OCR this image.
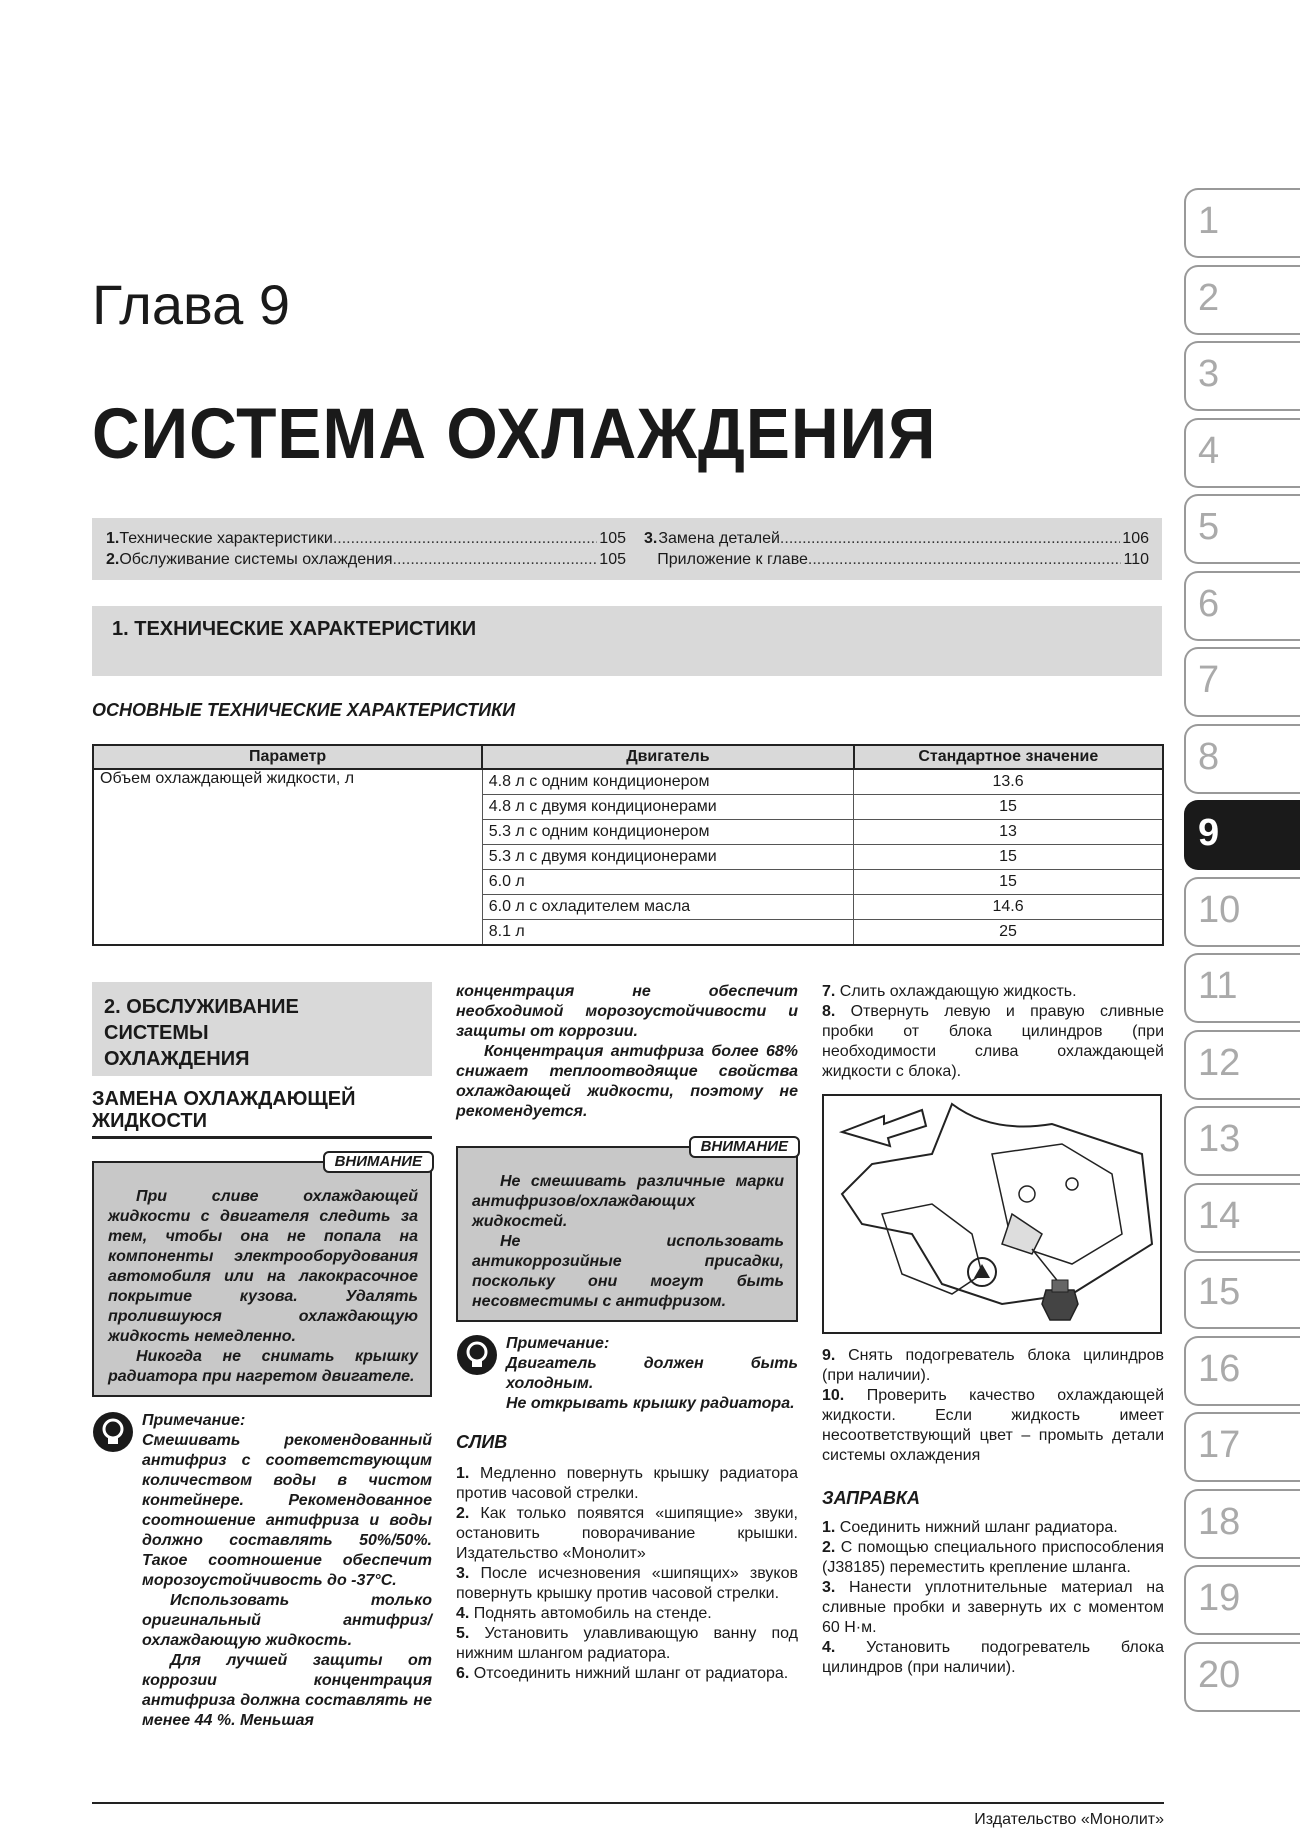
Глава 9
СИСТЕМА ОХЛАЖДЕНИЯ
1. Технические характеристики .....	105
2. Обслуживание системы охлаждения .....	105
3. Замена деталей .....	106
Приложение к главе .....	110
1. ТЕХНИЧЕСКИЕ ХАРАКТЕРИСТИКИ
ОСНОВНЫЕ ТЕХНИЧЕСКИЕ ХАРАКТЕРИСТИКИ
Параметр	Двигатель	Стандартное значение
Объем охлаждающей жидкости, л	4.8 л с одним кондиционером	13.6
	4.8 л с двумя кондиционерами	15
	5.3 л с одним кондиционером	13
	5.3 л с двумя кондиционерами	15
	6.0 л	15
	6.0 л с охладителем масла	14.6
	8.1 л	25
2. ОБСЛУЖИВАНИЕ СИСТЕМЫ ОХЛАЖДЕНИЯ
ЗАМЕНА ОХЛАЖДАЮЩЕЙ ЖИДКОСТИ
ВНИМАНИЕ
При сливе охлаждающей жидкости с двигателя следить за тем, чтобы она не попала на компоненты электрооборудования автомобиля или на лакокрасочное покрытие кузова. Удалять пролившуюся охлаждающую жидкость немедленно.
Никогда не снимать крышку радиатора при нагретом двигателе.
Примечание:
Смешивать рекомендованный антифриз с соответствующим количеством воды в чистом контейнере. Рекомендованное соотношение антифриза и воды должно составлять 50%/50%. Такое соотношение обеспечит морозоустойчивость до -37°С.
Использовать только оригинальный антифриз/охлаждающую жидкость.
Для лучшей защиты от коррозии концентрация антифриза должна составлять не менее 44 %. Меньшая
концентрация не обеспечит необходимой морозоустойчивости и защиты от коррозии.
Концентрация антифриза более 68% снижает теплоотводящие свойства охлаждающей жидкости, поэтому не рекомендуется.
ВНИМАНИЕ
Не смешивать различные марки антифризов/охлаждающих жидкостей.
Не использовать антикоррозийные присадки, поскольку они могут быть несовместимы с антифризом.
Примечание:
Двигатель должен быть холодным.
Не открывать крышку радиатора.
СЛИВ
1. Медленно повернуть крышку радиатора против часовой стрелки.
2. Как только появятся «шипящие» звуки, остановить поворачивание крышки. Издательство «Монолит»
3. После исчезновения «шипящих» звуков повернуть крышку против часовой стрелки.
4. Поднять автомобиль на стенде.
5. Установить улавливающую ванну под нижним шлангом радиатора.
6. Отсоединить нижний шланг от радиатора.
7. Слить охлаждающую жидкость.
8. Отвернуть левую и правую сливные пробки от блока цилиндров (при необходимости слива охлаждающей жидкости с блока).
9. Снять подогреватель блока цилиндров (при наличии).
10. Проверить качество охлаждающей жидкости. Если жидкость имеет несоответствующий цвет – промыть детали системы охлаждения
ЗАПРАВКА
1. Соединить нижний шланг радиатора.
2. С помощью специального приспособления (J38185) переместить крепление шланга.
3. Нанести уплотнительные материал на сливные пробки и завернуть их с моментом 60 Н·м.
4. Установить подогреватель блока цилиндров (при наличии).
1
2
3
4
5
6
7
8
9
10
11
12
13
14
15
16
17
18
19
20
Издательство «Монолит»
